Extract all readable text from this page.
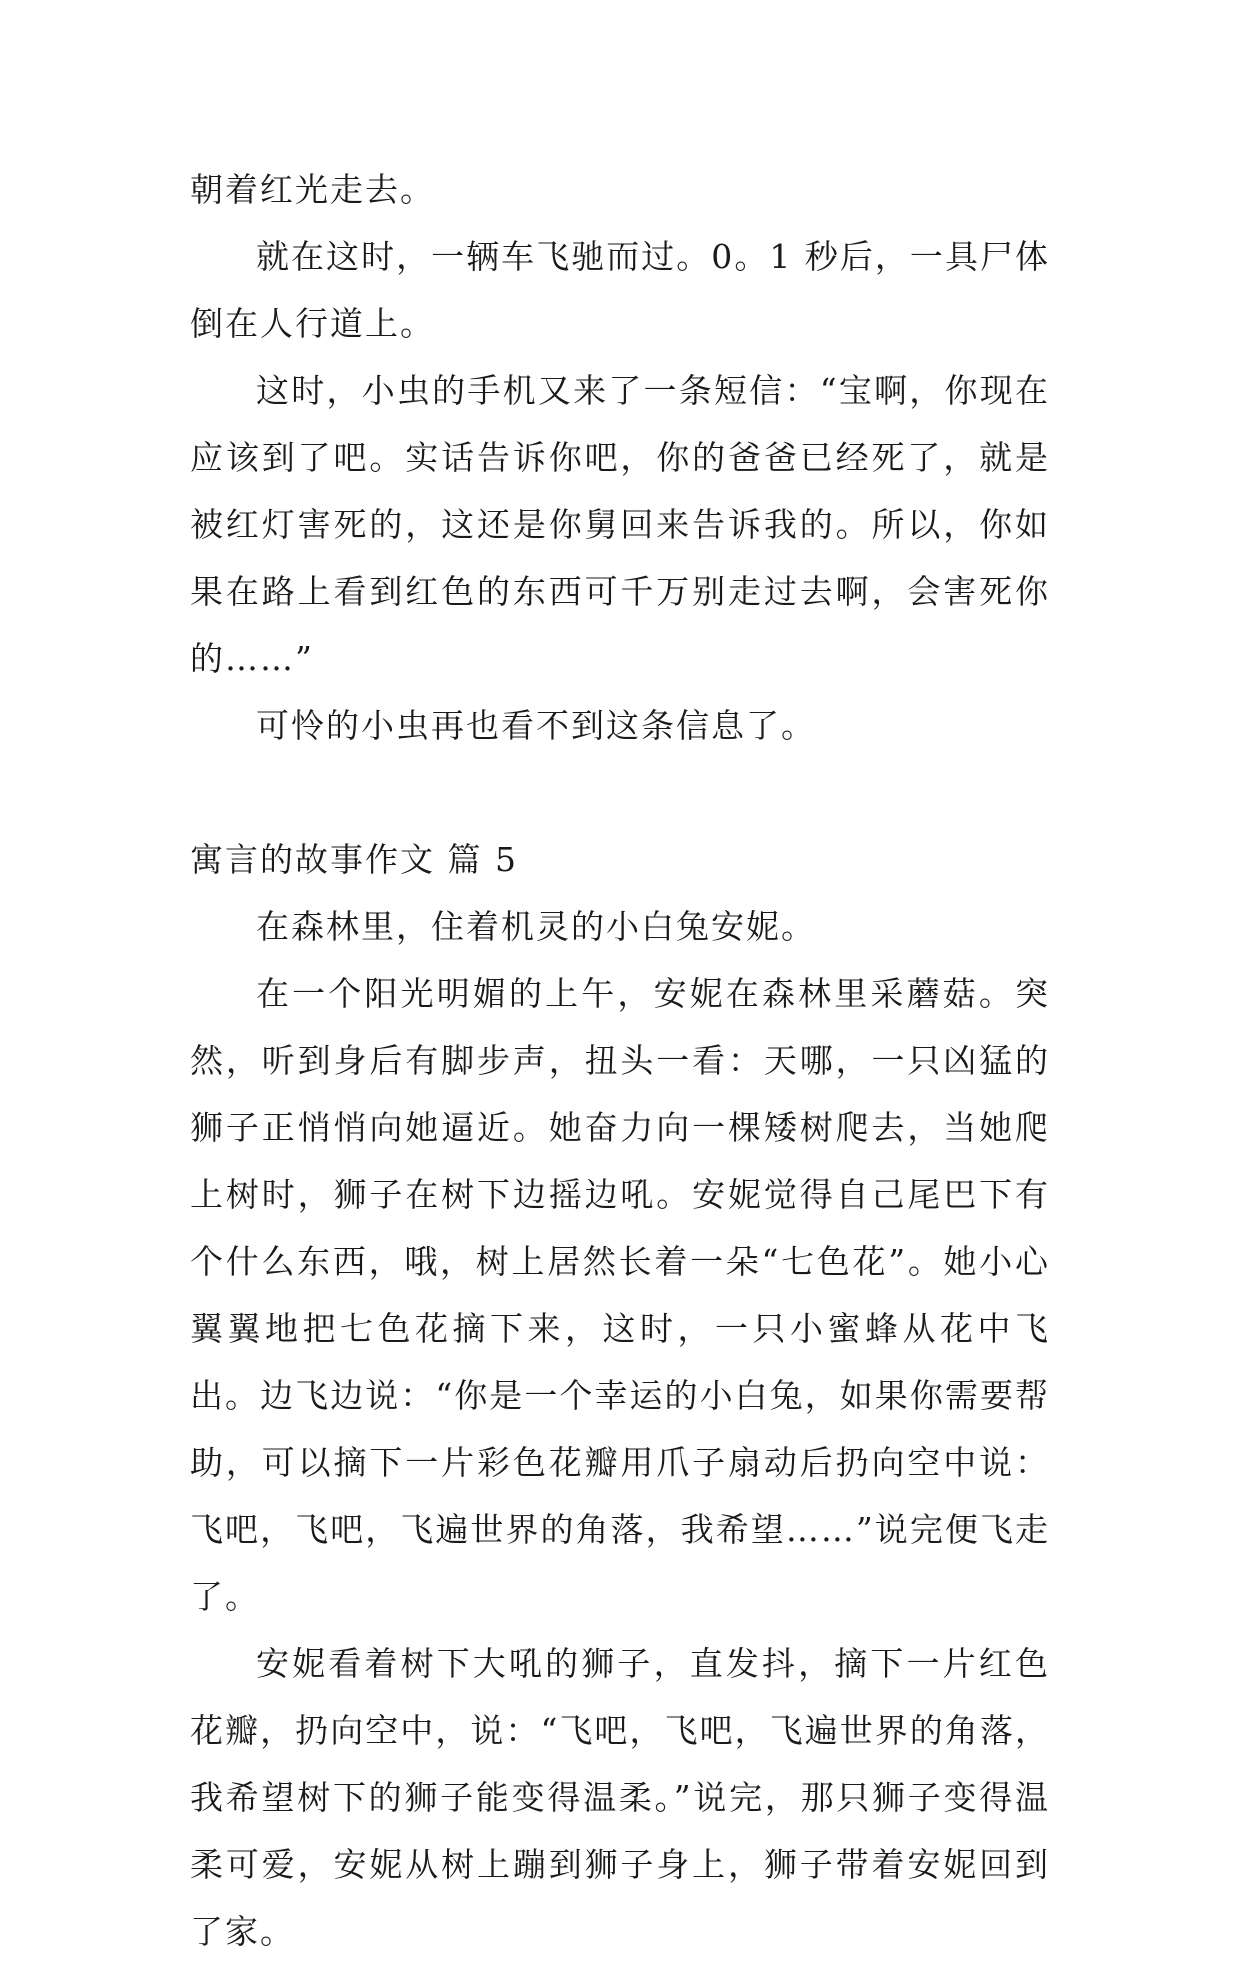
朝着红光走去。

就在这时，一辆车飞驰而过。0。1 秒后，一具尸体倒在人行道上。

这时，小虫的手机又来了一条短信：“宝啊，你现在应该到了吧。实话告诉你吧，你的爸爸已经死了，就是被红灯害死的，这还是你舅回来告诉我的。所以，你如果在路上看到红色的东西可千万别走过去啊，会害死你的……”

可怜的小虫再也看不到这条信息了。

寓言的故事作文 篇 5

在森林里，住着机灵的小白兔安妮。

在一个阳光明媚的上午，安妮在森林里采蘑菇。突然，听到身后有脚步声，扭头一看：天哪，一只凶猛的狮子正悄悄向她逼近。她奋力向一棵矮树爬去，当她爬上树时，狮子在树下边摇边吼。安妮觉得自己尾巴下有个什么东西，哦，树上居然长着一朵“七色花”。她小心翼翼地把七色花摘下来，这时，一只小蜜蜂从花中飞出。边飞边说：“你是一个幸运的小白兔，如果你需要帮助，可以摘下一片彩色花瓣用爪子扇动后扔向空中说：飞吧，飞吧，飞遍世界的角落，我希望……”说完便飞走了。

安妮看着树下大吼的狮子，直发抖，摘下一片红色花瓣，扔向空中，说：“飞吧，飞吧，飞遍世界的角落，我希望树下的狮子能变得温柔。”说完，那只狮子变得温柔可爱，安妮从树上蹦到狮子身上，狮子带着安妮回到了家。
